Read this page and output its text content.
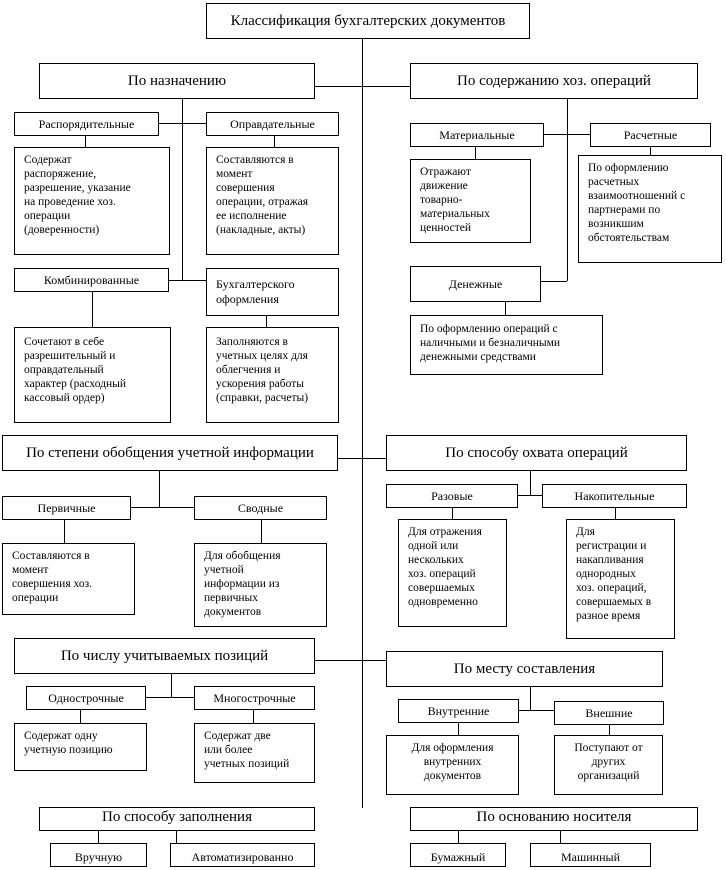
Классификация бухгалтерских документов
По назначению
Распорядительные
Содержат
распоряжение,
разрешение, указание
на проведение хоз.
операции
(доверенности)
Оправдательные
Составляются в
момент
совершения
операции, отражая
ее исполнение
(накладные, акты)
Комбинированные
Сочетают в себе
разрешительный и
оправдательный
характер (расходный
кассовый ордер)
Бухгалтерского
оформления
Заполняются в
учетных целях для
облегчения и
ускорения работы
(справки, расчеты)
По содержанию хоз. операций
Материальные
Отражают
движение
товарно-
материальных
ценностей
Расчетные
По оформлению
расчетных
взаимоотношений с
партнерами по
возникшим
обстоятельствам
Денежные
По оформлению операций с
наличными и безналичными
денежными средствами
По степени обобщения учетной информации
Первичные
Составляются в
момент
совершения хоз.
операции
Сводные
Для обобщения
учетной
информации из
первичных
документов
По способу охвата операций
Разовые
Для отражения
одной или
нескольких
хоз. операций
совершаемых
одновременно
Накопительные
Для
регистрации и
накапливания
однородных
хоз. операций,
совершаемых в
разное время
По числу учитываемых позиций
Однострочные
Содержат одну
учетную позицию
Многострочные
Содержат две
или более
учетных позиций
По месту составления
Внутренние
Для оформления
внутренних
документов
Внешние
Поступают от
других
организаций
По способу заполнения
Вручную	Автоматизированно
По основанию носителя
Бумажный	Машинный
